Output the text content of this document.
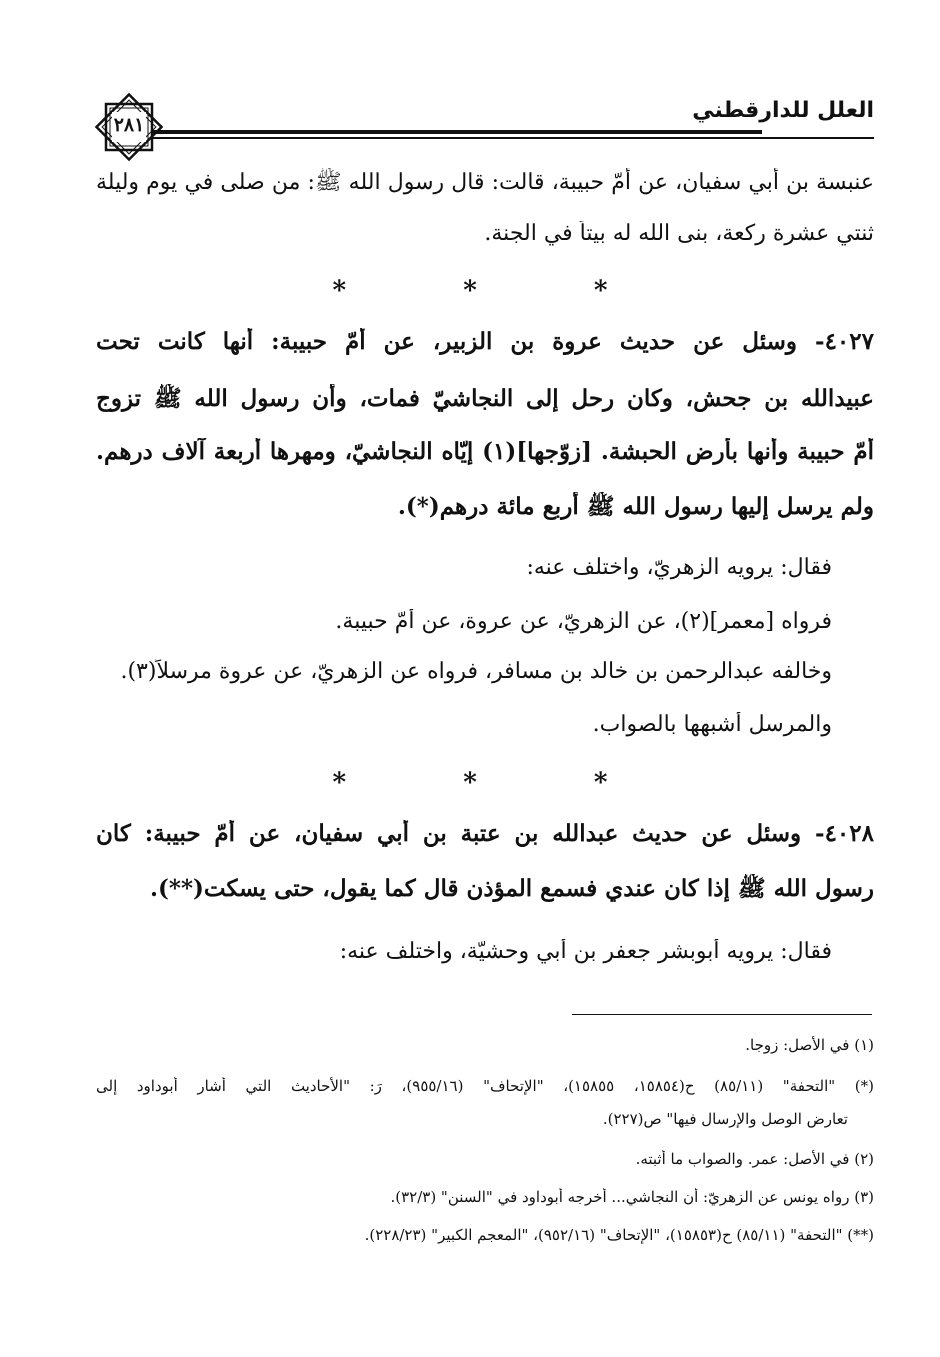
العلل للدارقطني
٢٨١
عنبسة بن أبي سفيان، عن أمّ حبيبة، قالت: قال رسول الله ﷺ: من صلى في يوم وليلة
ثنتي عشرة ركعة، بنى الله له بيتاً في الجنة.
* * *
٤٠٢٧- وسئل عن حديث عروة بن الزبير، عن أمّ حبيبة: أنها كانت تحت
عبيدالله بن جحش، وكان رحل إلى النجاشيّ فمات، وأن رسول الله ﷺ تزوج
أمّ حبيبة وأنها بأرض الحبشة. [زوّجها](١) إيّاه النجاشيّ، ومهرها أربعة آلاف درهم.
ولم يرسل إليها رسول الله ﷺ أربع مائة درهم(*).
فقال: يرويه الزهريّ، واختلف عنه:
فرواه [معمر](٢)، عن الزهريّ، عن عروة، عن أمّ حبيبة.
وخالفه عبدالرحمن بن خالد بن مسافر، فرواه عن الزهريّ، عن عروة مرسلاً(٣).
والمرسل أشبهها بالصواب.
* * *
٤٠٢٨- وسئل عن حديث عبدالله بن عتبة بن أبي سفيان، عن أمّ حبيبة: كان
رسول الله ﷺ إذا كان عندي فسمع المؤذن قال كما يقول، حتى يسكت(**).
فقال: يرويه أبوبشر جعفر بن أبي وحشيّة، واختلف عنه:
(١) في الأصل: زوجا.
(*) "التحفة" (٨٥/١١) ح(١٥٨٥٤، ١٥٨٥٥)، "الإتحاف" (٩٥٥/١٦)، رَ: "الأحاديث التي أشار أبوداود إلى
تعارض الوصل والإرسال فيها" ص(٢٢٧).
(٢) في الأصل: عمر. والصواب ما أثبته.
(٣) رواه يونس عن الزهريّ: أن النجاشي... أخرجه أبوداود في "السنن" (٣٢/٣).
(**) "التحفة" (٨٥/١١) ح(١٥٨٥٣)، "الإتحاف" (٩٥٢/١٦)، "المعجم الكبير" (٢٢٨/٢٣).
